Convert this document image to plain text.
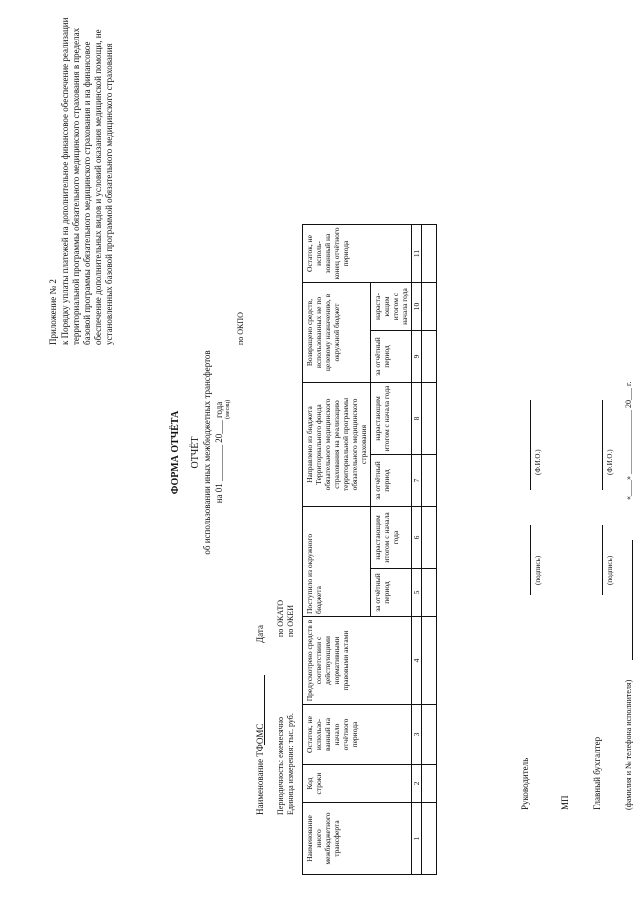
Приложение № 2 к Порядку уплаты платежей на дополнительное финансовое обеспечение реализации территориальной программы обязательного медицинского страхования в пределах базовой программы обязательного медицинского страхования и на финансовое обеспечение дополнительных видов и условий оказания медицинской помощи, не установленных базовой программой обязательного медицинского страхования
ФОРМА ОТЧЁТА ОТЧЁТ об использовании иных межбюджетных трансфертов на 01 ________ 20___ года (месяц)
по ОКПО
Наименование ТФОМС
Дата
Периодичность: ежемесячно Единица измерения: тыс. руб.
по ОКАТО по ОКЕИ
Наименование иного межбюджетного трансферта	Код строки	Остаток, не использо-ванный на начало отчётного периода	Предусмотрено средств в соответствии с действующими нормативными правовыми актами	Поступило из окружного бюджета		Направлено из бюджета Территориального фонда обязательного медицинского страхования на реализацию территориальной программы обязательного медицинского страхования		Возвращено средств, использованных не по целевому назначению, в окружной бюджет		Остаток, не исполь-зованный на конец отчётного периода
				за отчётный период	нарастающим итогом с начала года	за отчётный период	нарастающим итогом с начала года	за отчётный период	нараста-ющим итогом с начала года	
1	2	3	4	5	6	7	8	9	10	11

Руководитель
(подпись)
(Ф.И.О.)
МП Главный бухгалтер
(подпись)
(Ф.И.О.)
(фамилия и № телефона исполнителя)
«____» ________________ 20___ г.
